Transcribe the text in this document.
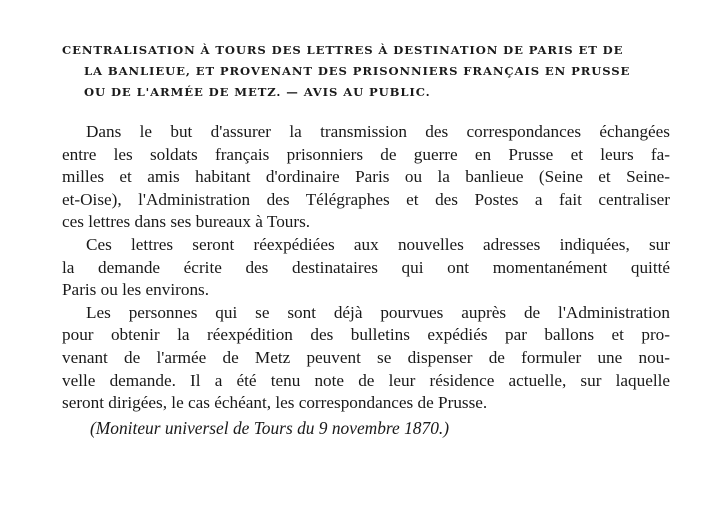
CENTRALISATION À TOURS DES LETTRES À DESTINATION DE PARIS ET DE
LA BANLIEUE, ET PROVENANT DES PRISONNIERS FRANÇAIS EN PRUSSE
OU DE L'ARMÉE DE METZ. — AVIS AU PUBLIC.

Dans le but d'assurer la transmission des correspondances échangées
entre les soldats français prisonniers de guerre en Prusse et leurs fa-
milles et amis habitant d'ordinaire Paris ou la banlieue (Seine et Seine-
et-Oise), l'Administration des Télégraphes et des Postes a fait centraliser
ces lettres dans ses bureaux à Tours.

Ces lettres seront réexpédiées aux nouvelles adresses indiquées, sur
la demande écrite des destinataires qui ont momentanément quitté
Paris ou les environs.

Les personnes qui se sont déjà pourvues auprès de l'Administration
pour obtenir la réexpédition des bulletins expédiés par ballons et pro-
venant de l'armée de Metz peuvent se dispenser de formuler une nou-
velle demande. Il a été tenu note de leur résidence actuelle, sur laquelle
seront dirigées, le cas échéant, les correspondances de Prusse.

(Moniteur universel de Tours du 9 novembre 1870.)
